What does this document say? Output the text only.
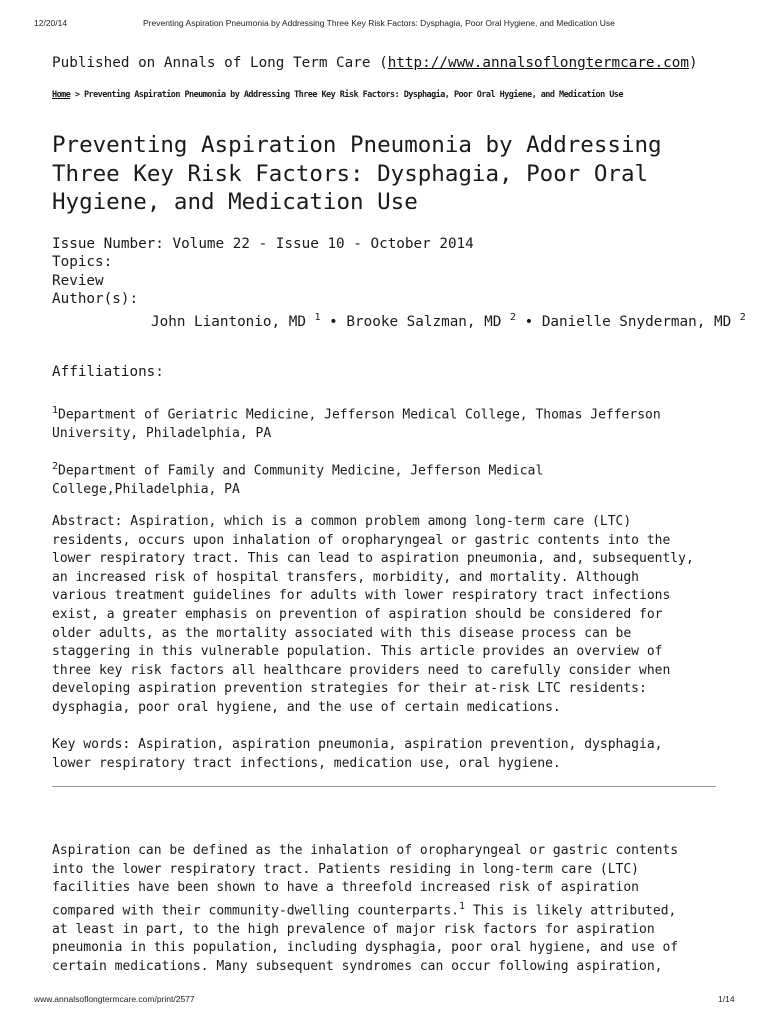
12/20/14	Preventing Aspiration Pneumonia by Addressing Three Key Risk Factors: Dysphagia, Poor Oral Hygiene, and Medication Use
Published on Annals of Long Term Care (http://www.annalsoflongtermcare.com)
Home > Preventing Aspiration Pneumonia by Addressing Three Key Risk Factors: Dysphagia, Poor Oral Hygiene, and Medication Use
Preventing Aspiration Pneumonia by Addressing
Three Key Risk Factors: Dysphagia, Poor Oral
Hygiene, and Medication Use
Issue Number: Volume 22 - Issue 10 - October 2014
Topics:
Review
Author(s):
John Liantonio, MD $^1$ • Brooke Salzman, MD $^2$ • Danielle Snyderman, MD $^2$
Affiliations:
$^1$Department of Geriatric Medicine, Jefferson Medical College, Thomas Jefferson
University, Philadelphia, PA
$^2$Department of Family and Community Medicine, Jefferson Medical
College,Philadelphia, PA
Abstract: Aspiration, which is a common problem among long-term care (LTC)
residents, occurs upon inhalation of oropharyngeal or gastric contents into the
lower respiratory tract. This can lead to aspiration pneumonia, and, subsequently,
an increased risk of hospital transfers, morbidity, and mortality. Although
various treatment guidelines for adults with lower respiratory tract infections
exist, a greater emphasis on prevention of aspiration should be considered for
older adults, as the mortality associated with this disease process can be
staggering in this vulnerable population. This article provides an overview of
three key risk factors all healthcare providers need to carefully consider when
developing aspiration prevention strategies for their at-risk LTC residents:
dysphagia, poor oral hygiene, and the use of certain medications.
Key words: Aspiration, aspiration pneumonia, aspiration prevention, dysphagia,
lower respiratory tract infections, medication use, oral hygiene.
Aspiration can be defined as the inhalation of oropharyngeal or gastric contents
into the lower respiratory tract. Patients residing in long-term care (LTC)
facilities have been shown to have a threefold increased risk of aspiration
compared with their community-dwelling counterparts.$^1$ This is likely attributed,
at least in part, to the high prevalence of major risk factors for aspiration
pneumonia in this population, including dysphagia, poor oral hygiene, and use of
certain medications. Many subsequent syndromes can occur following aspiration,
www.annalsoflongtermcare.com/print/2577	1/14
